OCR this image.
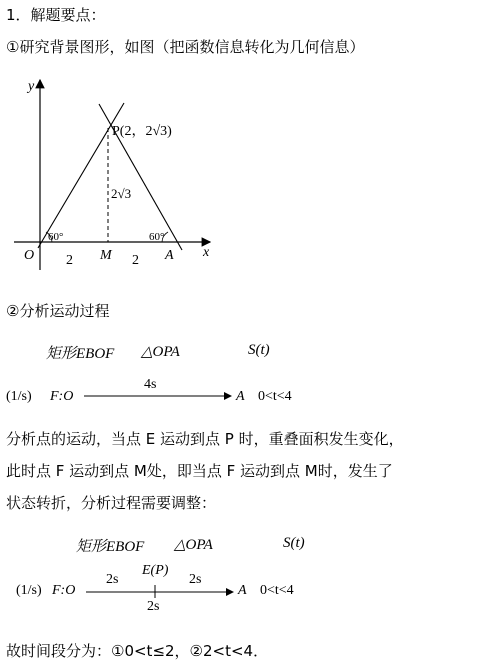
1．解题要点：
①研究背景图形，如图（把函数信息转化为几何信息）
y
x
O
P(2，2√3)
M	A
60°	60°
2√3
2	2
②分析运动过程
矩形EBOF △OPA	S(t)
(1/s) F:O
4s
A 0<t<4
分析点的运动，当点 E 运动到点 P 时，重叠面积发生变化，
此时点 F 运动到点 M处，即当点 F 运动到点 M时，发生了
状态转折，分析过程需要调整：
矩形EBOF △OPA	S(t)
(1/s) F:O
2s
E(P)
2s
2s
A 0<t<4
故时间段分为：①0<t≤2，②2<t<4．
